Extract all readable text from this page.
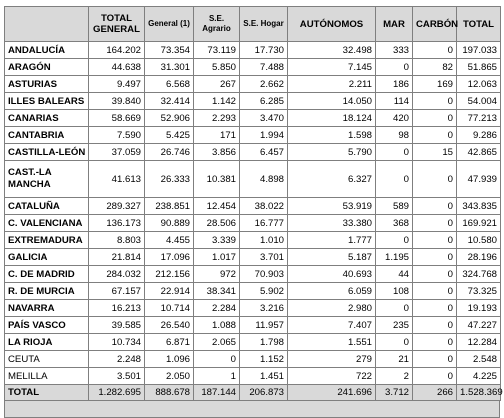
	TOTAL GENERAL	General (1)	S.E. Agrario	S.E. Hogar	AUTÓNOMOS	MAR	CARBÓN	TOTAL
ANDALUCÍA	164.202	73.354	73.119	17.730	32.498	333	0	197.033
ARAGÓN	44.638	31.301	5.850	7.488	7.145	0	82	51.865
ASTURIAS	9.497	6.568	267	2.662	2.211	186	169	12.063
ILLES BALEARS	39.840	32.414	1.142	6.285	14.050	114	0	54.004
CANARIAS	58.669	52.906	2.293	3.470	18.124	420	0	77.213
CANTABRIA	7.590	5.425	171	1.994	1.598	98	0	9.286
CASTILLA-LEÓN	37.059	26.746	3.856	6.457	5.790	0	15	42.865
CAST.-LA MANCHA	41.613	26.333	10.381	4.898	6.327	0	0	47.939
CATALUÑA	289.327	238.851	12.454	38.022	53.919	589	0	343.835
C. VALENCIANA	136.173	90.889	28.506	16.777	33.380	368	0	169.921
EXTREMADURA	8.803	4.455	3.339	1.010	1.777	0	0	10.580
GALICIA	21.814	17.096	1.017	3.701	5.187	1.195	0	28.196
C. DE MADRID	284.032	212.156	972	70.903	40.693	44	0	324.768
R. DE MURCIA	67.157	22.914	38.341	5.902	6.059	108	0	73.325
NAVARRA	16.213	10.714	2.284	3.216	2.980	0	0	19.193
PAÍS VASCO	39.585	26.540	1.088	11.957	7.407	235	0	47.227
LA RIOJA	10.734	6.871	2.065	1.798	1.551	0	0	12.284
CEUTA	2.248	1.096	0	1.152	279	21	0	2.548
MELILLA	3.501	2.050	1	1.451	722	2	0	4.225
TOTAL	1.282.695	888.678	187.144	206.873	241.696	3.712	266	1.528.369
